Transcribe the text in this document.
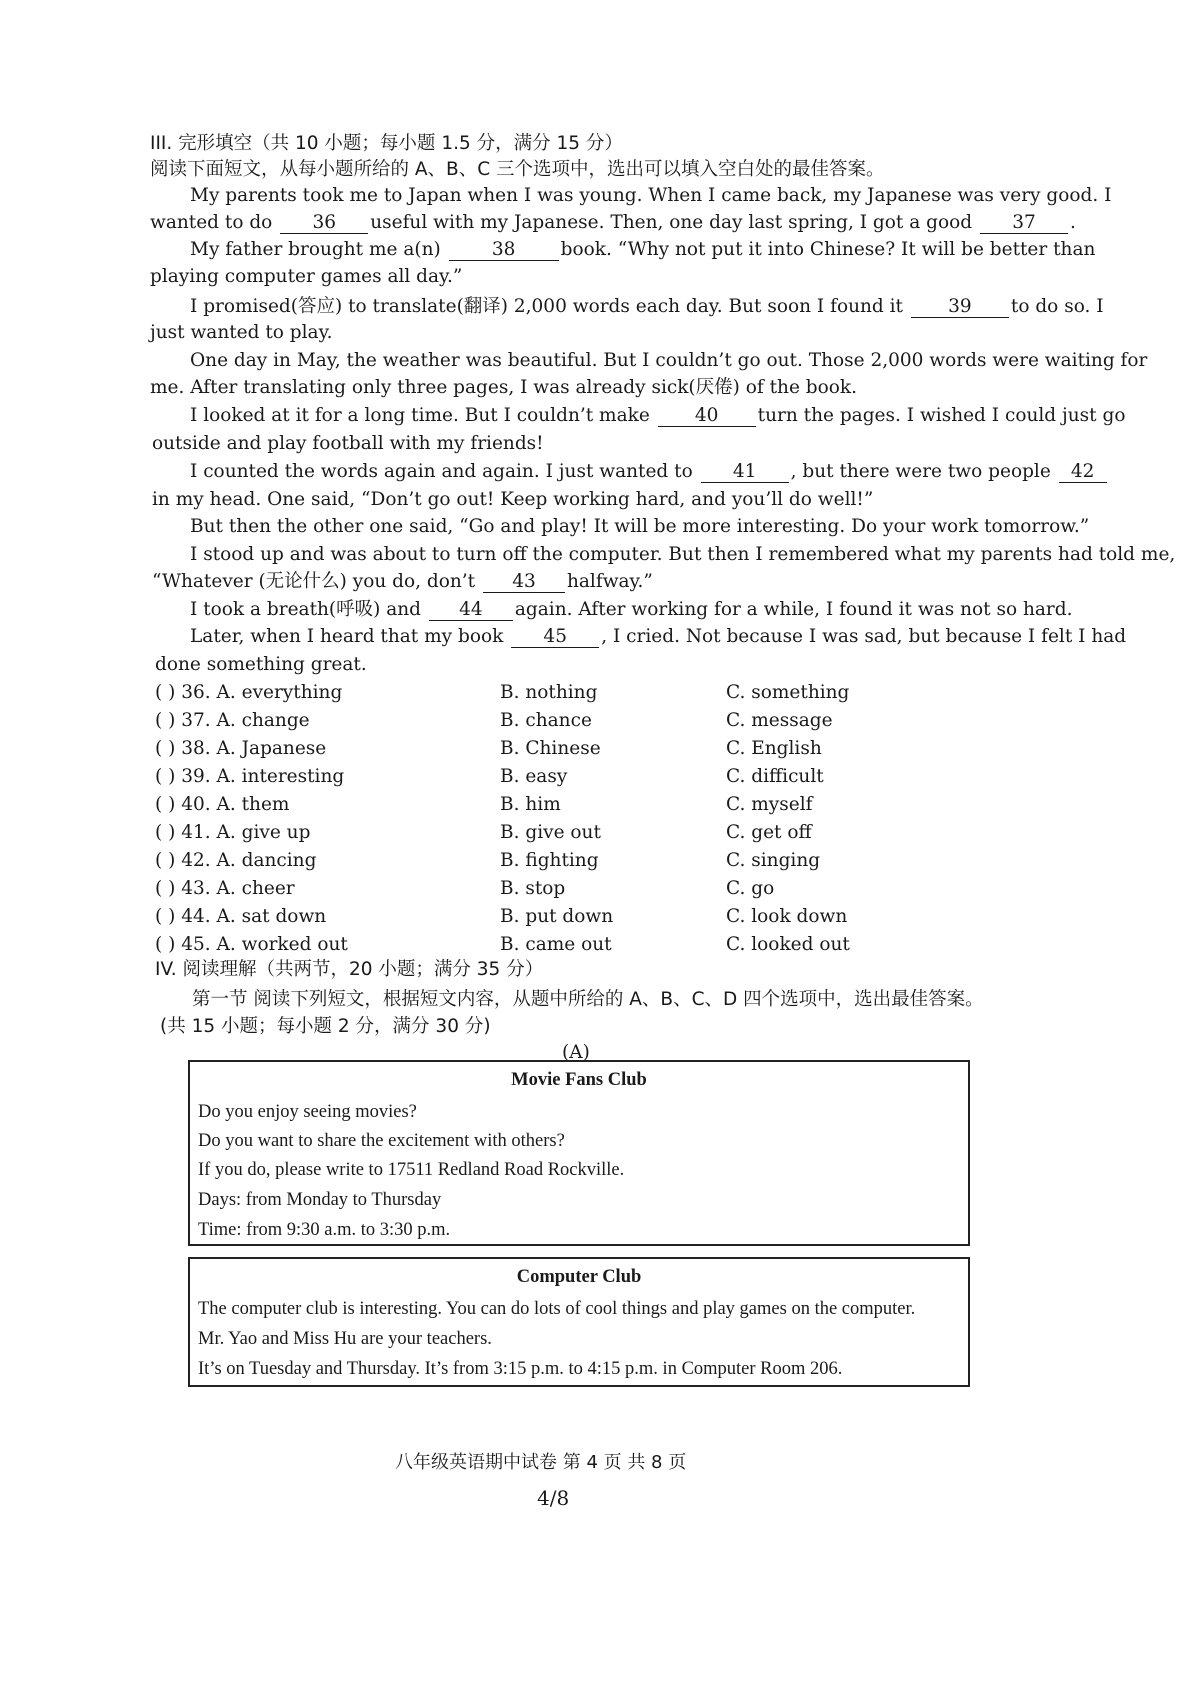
III. 完形填空（共 10 小题；每小题 1.5 分，满分 15 分）
阅读下面短文，从每小题所给的 A、B、C 三个选项中，选出可以填入空白处的最佳答案。
My parents took me to Japan when I was young. When I came back, my Japanese was very good. I
wanted to do 36 useful with my Japanese. Then, one day last spring, I got a good 37 .
My father brought me a(n)	38 book. “Why not put it into Chinese? It will be better than
playing computer games all day.”
I promised(答应) to translate(翻译) 2,000 words each day. But soon I found it 39 to do so. I
just wanted to play.
One day in May, the weather was beautiful. But I couldn’t go out. Those 2,000 words were waiting for
me. After translating only three pages, I was already sick(厌倦) of the book.
I looked at it for a long time. But I couldn’t make 40 turn the pages. I wished I could just go
outside and play football with my friends!
I counted the words again and again. I just wanted to 41 , but there were two people 42
in my head. One said, “Don’t go out! Keep working hard, and you’ll do well!”
But then the other one said, “Go and play! It will be more interesting. Do your work tomorrow.”
I stood up and was about to turn off the computer. But then I remembered what my parents had told me,
“Whatever (无论什么) you do, don’t 43 halfway.”
I took a breath(呼吸) and 44 again. After working for a while, I found it was not so hard.
Later, when I heard that my book 45 , I cried. Not because I was sad, but because I felt I had
done something great.
( ) 36. A. everything	B. nothing	C. something
( ) 37. A. change	B. chance	C. message
( ) 38. A. Japanese	B. Chinese	C. English
( ) 39. A. interesting	B. easy	C. difficult
( ) 40. A. them	B. him	C. myself
( ) 41. A. give up	B. give out	C. get off
( ) 42. A. dancing	B. fighting	C. singing
( ) 43. A. cheer	B. stop	C. go
( ) 44. A. sat down	B. put down	C. look down
( ) 45. A. worked out	B. came out	C. looked out
IV. 阅读理解（共两节，20 小题；满分 35 分）
第一节 阅读下列短文，根据短文内容，从题中所给的 A、B、C、D 四个选项中，选出最佳答案。
(共 15 小题；每小题 2 分，满分 30 分)
(A)
Movie Fans Club
Do you enjoy seeing movies?
Do you want to share the excitement with others?
If you do, please write to 17511 Redland Road Rockville.
Days: from Monday to Thursday
Time: from 9:30 a.m. to 3:30 p.m.
Computer Club
The computer club is interesting. You can do lots of cool things and play games on the computer.
Mr. Yao and Miss Hu are your teachers.
It’s on Tuesday and Thursday. It’s from 3:15 p.m. to 4:15 p.m. in Computer Room 206.
八年级英语期中试卷 第 4 页 共 8 页
4/8
